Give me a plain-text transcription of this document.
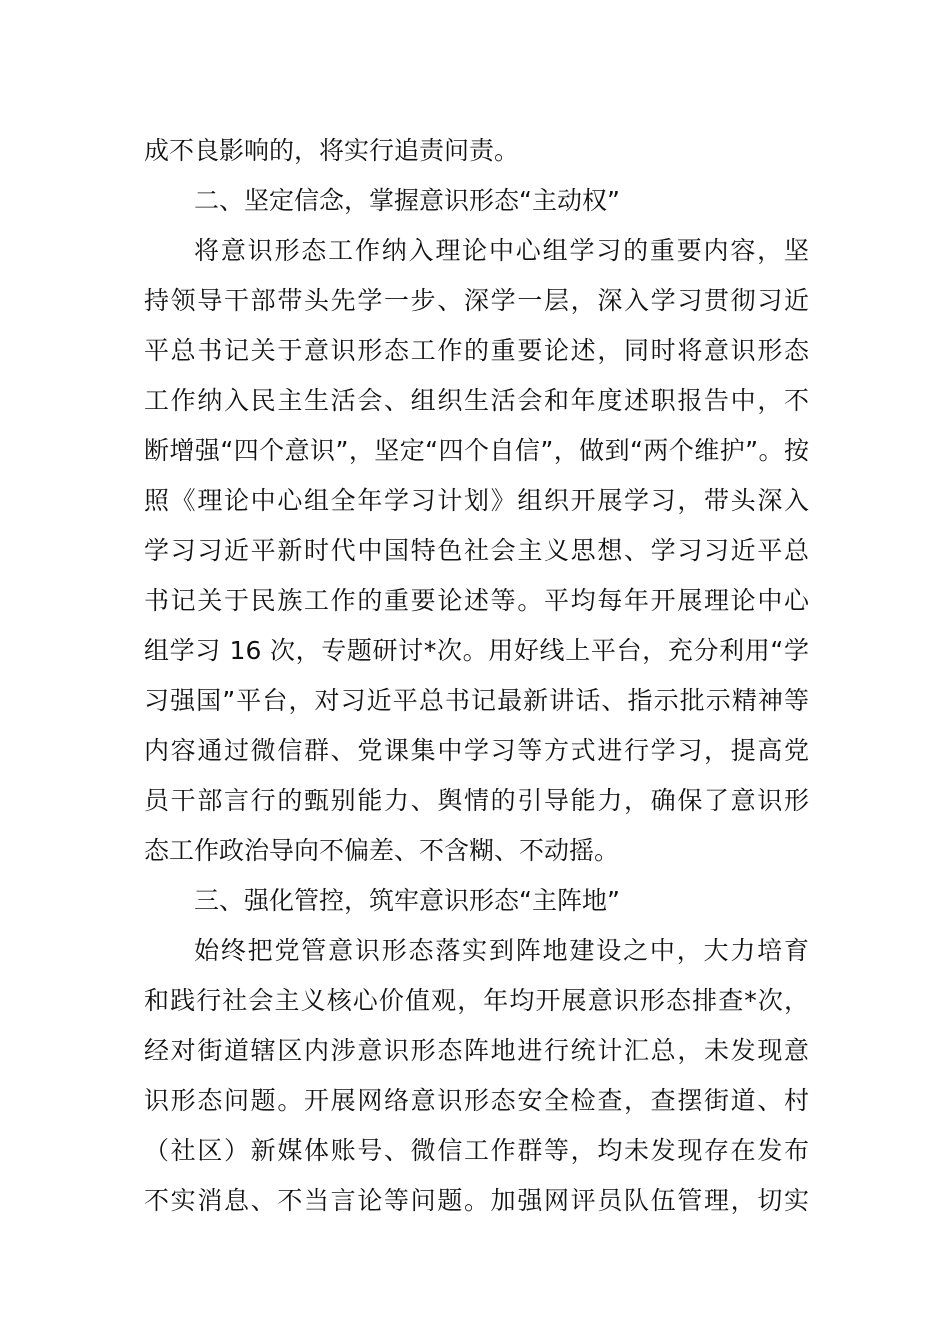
成不良影响的，将实行追责问责。

二、坚定信念，掌握意识形态“主动权”

将意识形态工作纳入理论中心组学习的重要内容，坚

持领导干部带头先学一步、深学一层，深入学习贯彻习近

平总书记关于意识形态工作的重要论述，同时将意识形态

工作纳入民主生活会、组织生活会和年度述职报告中，不

断增强“四个意识”，坚定“四个自信”，做到“两个维护”。按

照《理论中心组全年学习计划》组织开展学习，带头深入

学习习近平新时代中国特色社会主义思想、学习习近平总

书记关于民族工作的重要论述等。平均每年开展理论中心

组学习 16 次，专题研讨*次。用好线上平台，充分利用“学

习强国”平台，对习近平总书记最新讲话、指示批示精神等

内容通过微信群、党课集中学习等方式进行学习，提高党

员干部言行的甄别能力、舆情的引导能力，确保了意识形

态工作政治导向不偏差、不含糊、不动摇。

三、强化管控，筑牢意识形态“主阵地”

始终把党管意识形态落实到阵地建设之中，大力培育

和践行社会主义核心价值观，年均开展意识形态排查*次，

经对街道辖区内涉意识形态阵地进行统计汇总，未发现意

识形态问题。开展网络意识形态安全检查，查摆街道、村

（社区）新媒体账号、微信工作群等，均未发现存在发布

不实消息、不当言论等问题。加强网评员队伍管理，切实
